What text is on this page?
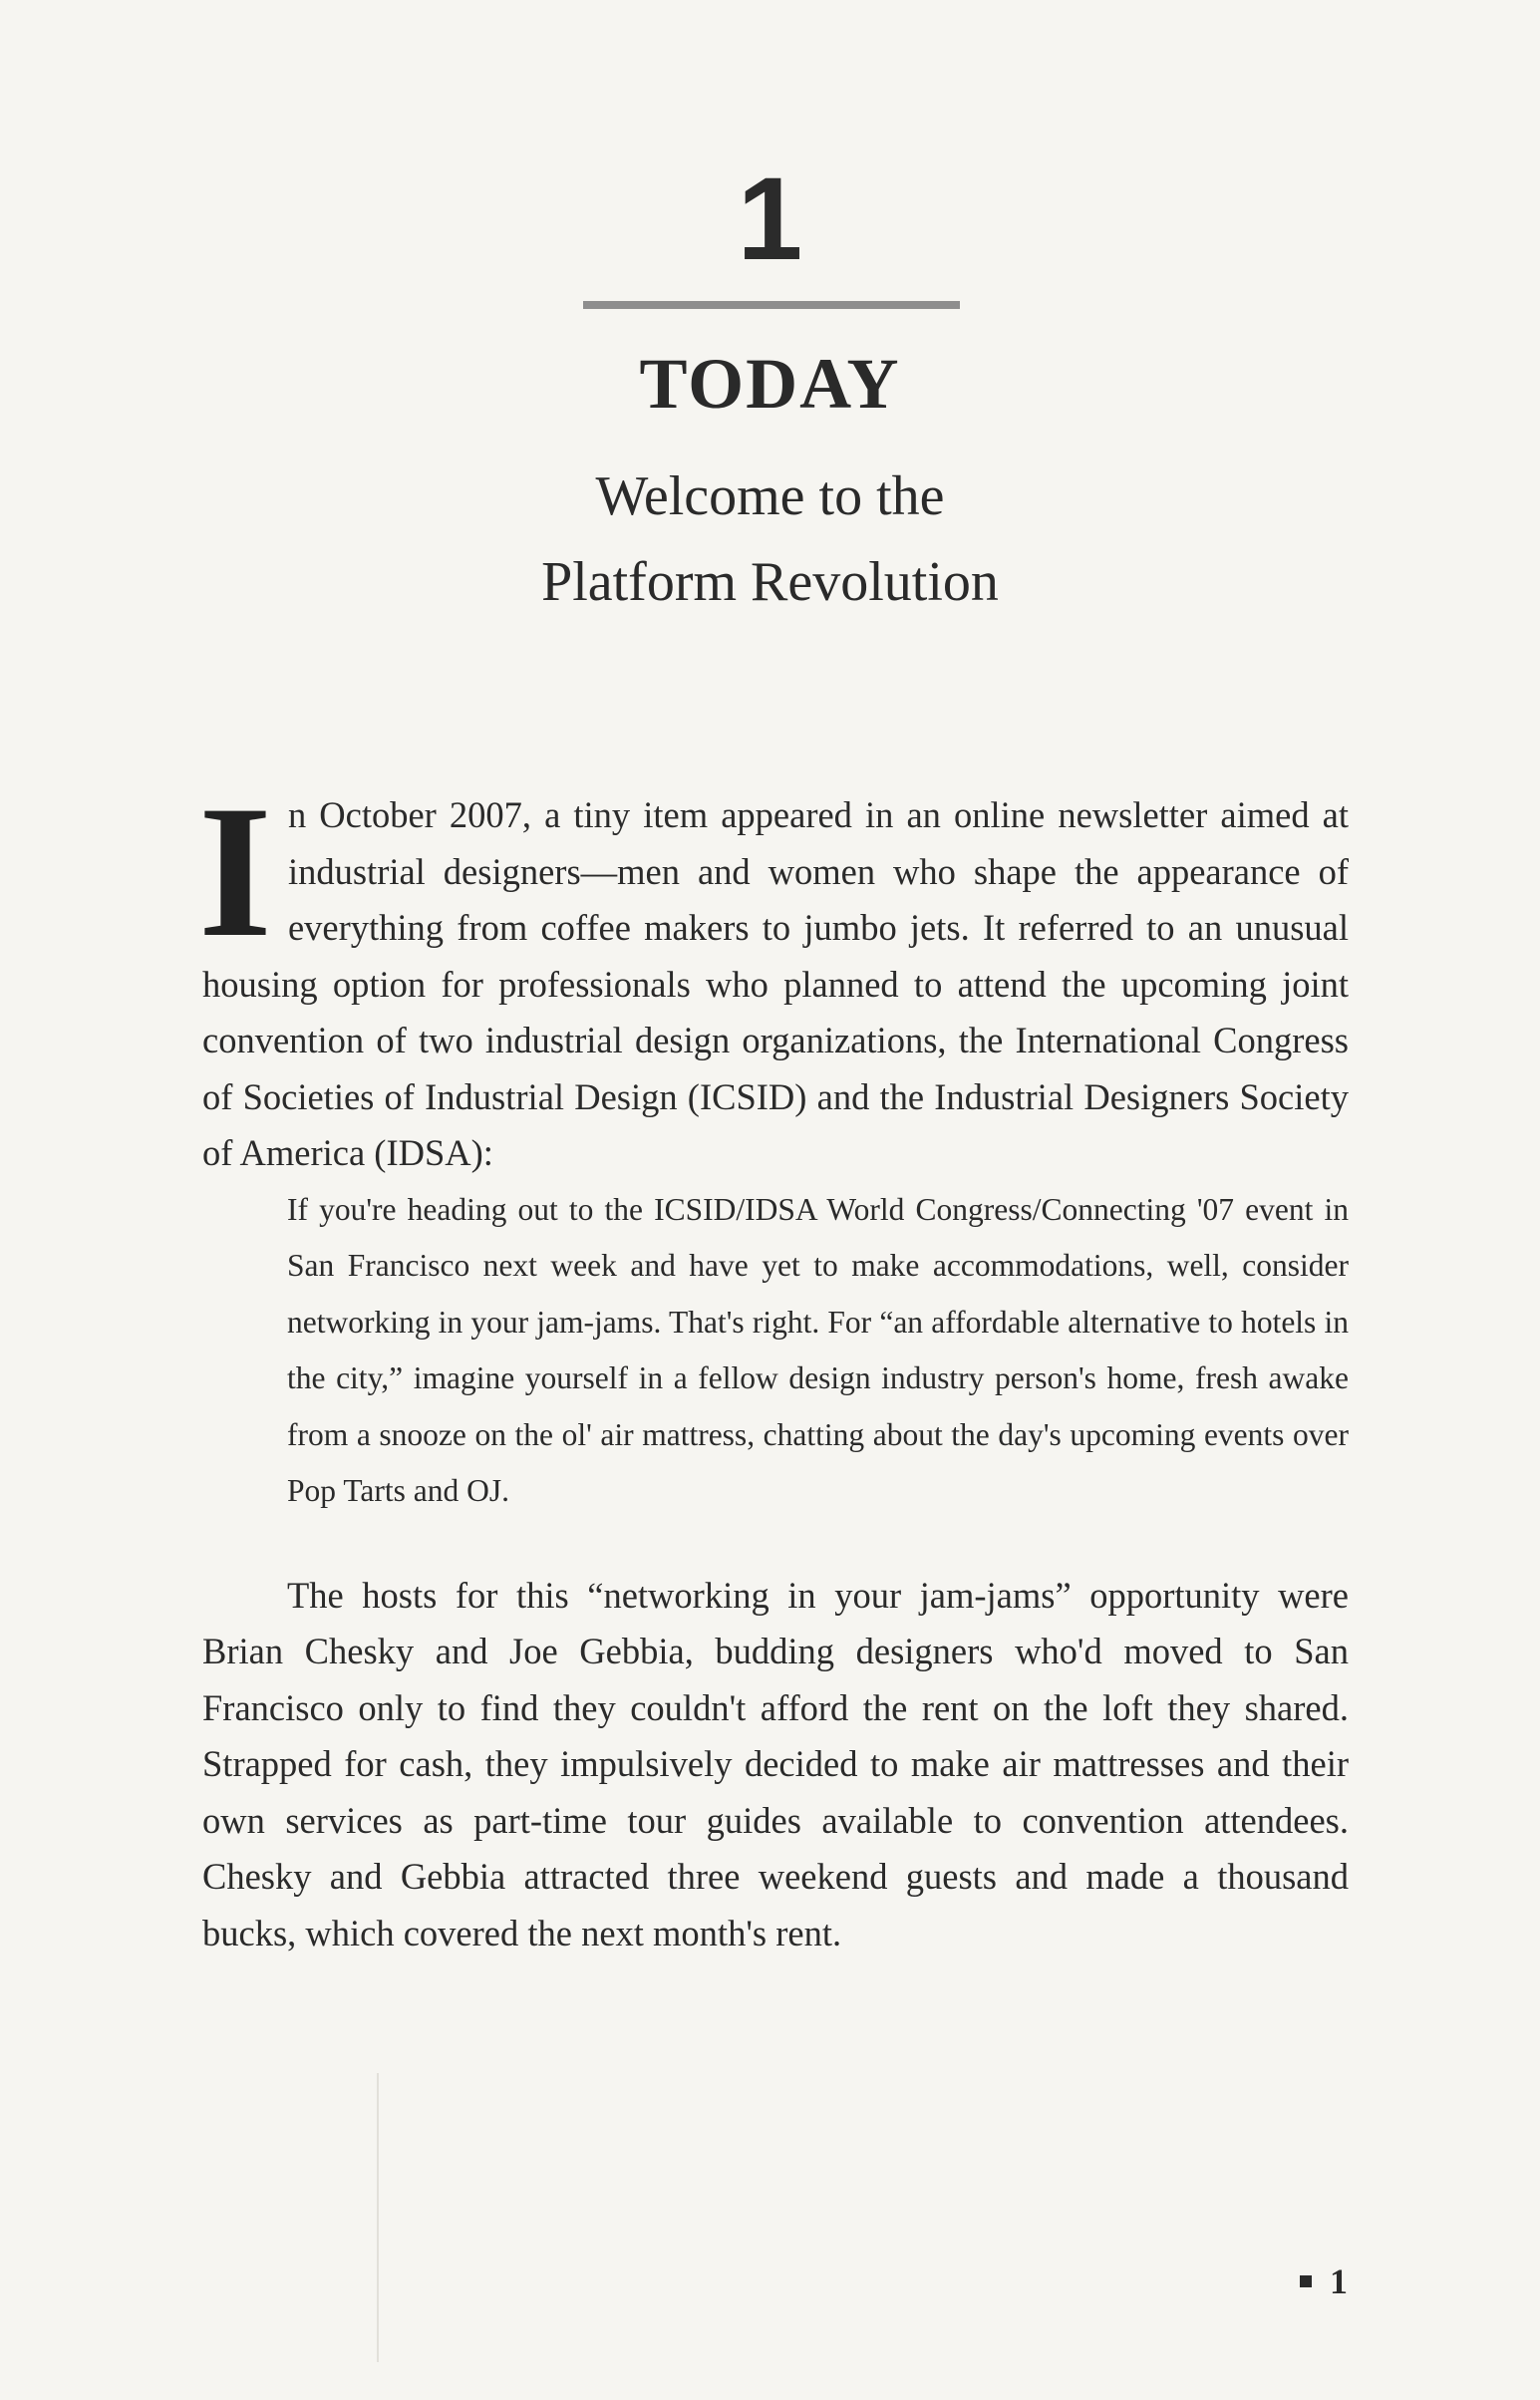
1
TODAY
Welcome to the
Platform Revolution

I n October 2007, a tiny item appeared in an online newsletter aimed at industrial designers—men and women who shape the appearance of everything from coffee makers to jumbo jets. It referred to an unusual housing option for professionals who planned to attend the upcoming joint convention of two industrial design organizations, the International Congress of Societies of Industrial Design (ICSID) and the Industrial Designers Society of America (IDSA):

If you're heading out to the ICSID/IDSA World Congress/Connecting '07 event in San Francisco next week and have yet to make accommodations, well, consider networking in your jam-jams. That's right. For “an affordable alternative to hotels in the city,” imagine yourself in a fellow design industry person's home, fresh awake from a snooze on the ol' air mattress, chatting about the day's upcoming events over Pop Tarts and OJ.

The hosts for this “networking in your jam-jams” opportunity were Brian Chesky and Joe Gebbia, budding designers who'd moved to San Francisco only to find they couldn't afford the rent on the loft they shared. Strapped for cash, they impulsively decided to make air mattresses and their own services as part-time tour guides available to convention attendees. Chesky and Gebbia attracted three weekend guests and made a thousand bucks, which covered the next month's rent.

1
